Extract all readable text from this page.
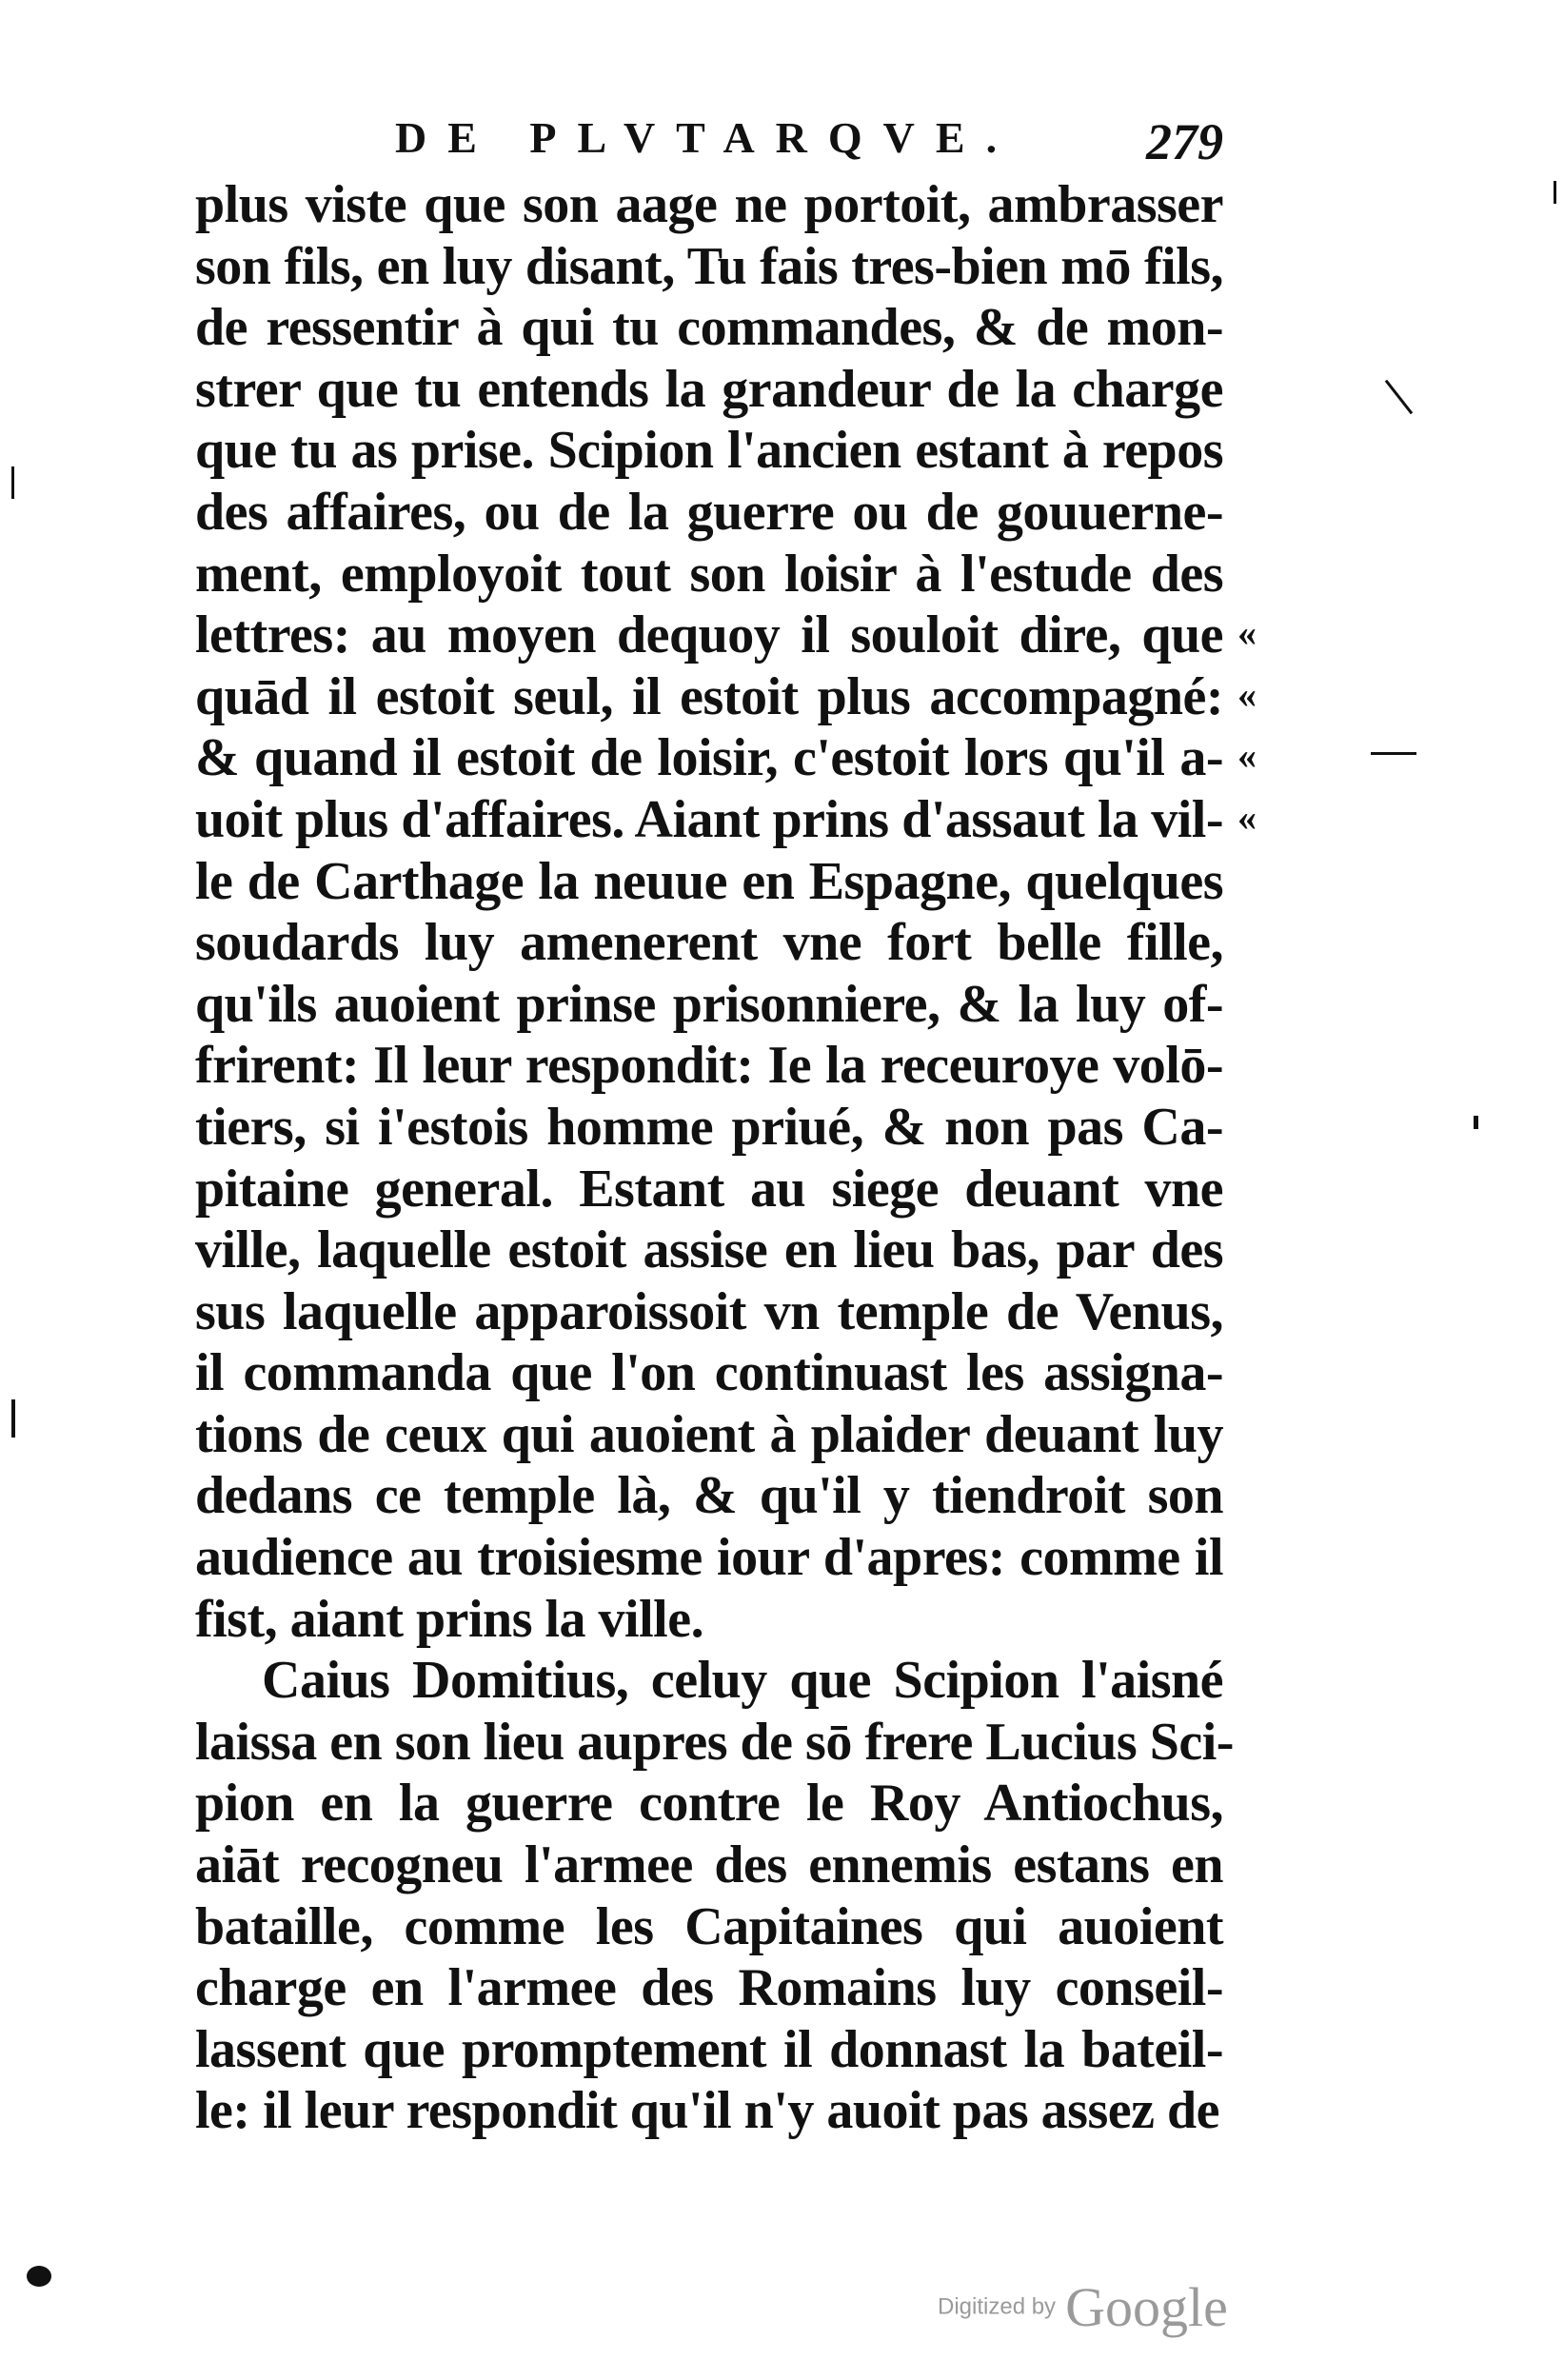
DE PLVTARQVE. 279
plus viste que son aage ne portoit, ambrasser
son fils, en luy disant, Tu fais tres-bien mō fils,
de ressentir à qui tu commandes, & de mon-
strer que tu entends la grandeur de la charge
que tu as prise. Scipion l'ancien estant à repos
des affaires, ou de la guerre ou de gouuerne-
ment, employoit tout son loisir à l'estude des
lettres: au moyen dequoy il souloit dire, que
quād il estoit seul, il estoit plus accompagné:
& quand il estoit de loisir, c'estoit lors qu'il a-
uoit plus d'affaires. Aiant prins d'assaut la vil-
le de Carthage la neuue en Espagne, quelques
soudards luy amenerent vne fort belle fille,
qu'ils auoient prinse prisonniere, & la luy of-
frirent: Il leur respondit: Ie la receuroye volō-
tiers, si i'estois homme priué, & non pas Ca-
pitaine general. Estant au siege deuant vne
ville, laquelle estoit assise en lieu bas, par des
sus laquelle apparoissoit vn temple de Venus,
il commanda que l'on continuast les assigna-
tions de ceux qui auoient à plaider deuant luy
dedans ce temple là, & qu'il y tiendroit son
audience au troisiesme iour d'apres: comme il
fist, aiant prins la ville.
Caius Domitius, celuy que Scipion l'aisné
laissa en son lieu aupres de sō frere Lucius Sci-
pion en la guerre contre le Roy Antiochus,
aiāt recogneu l'armee des ennemis estans en
bataille, comme les Capitaines qui auoient
charge en l'armee des Romains luy conseil-
lassent que promptement il donnast la bateil-
le: il leur respondit qu'il n'y auoit pas assez de
«
«
«
«
Digitized by Google
